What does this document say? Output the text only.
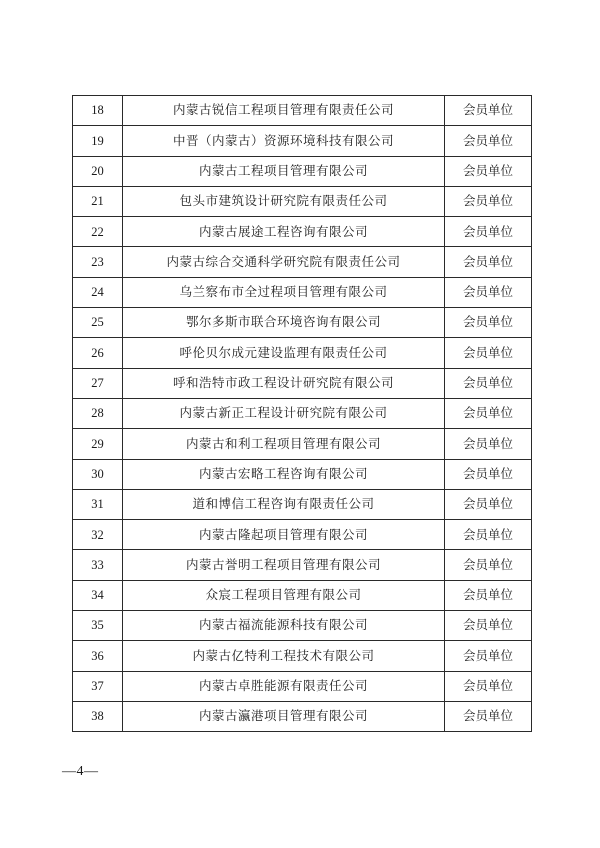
18	内蒙古锐信工程项目管理有限责任公司	会员单位
19	中晋（内蒙古）资源环境科技有限公司	会员单位
20	内蒙古工程项目管理有限公司	会员单位
21	包头市建筑设计研究院有限责任公司	会员单位
22	内蒙古展途工程咨询有限公司	会员单位
23	内蒙古综合交通科学研究院有限责任公司	会员单位
24	乌兰察布市全过程项目管理有限公司	会员单位
25	鄂尔多斯市联合环境咨询有限公司	会员单位
26	呼伦贝尔成元建设监理有限责任公司	会员单位
27	呼和浩特市政工程设计研究院有限公司	会员单位
28	内蒙古新正工程设计研究院有限公司	会员单位
29	内蒙古和利工程项目管理有限公司	会员单位
30	内蒙古宏略工程咨询有限公司	会员单位
31	道和博信工程咨询有限责任公司	会员单位
32	内蒙古隆起项目管理有限公司	会员单位
33	内蒙古誉明工程项目管理有限公司	会员单位
34	众宸工程项目管理有限公司	会员单位
35	内蒙古福流能源科技有限公司	会员单位
36	内蒙古亿特利工程技术有限公司	会员单位
37	内蒙古卓胜能源有限责任公司	会员单位
38	内蒙古瀛港项目管理有限公司	会员单位
—4—
